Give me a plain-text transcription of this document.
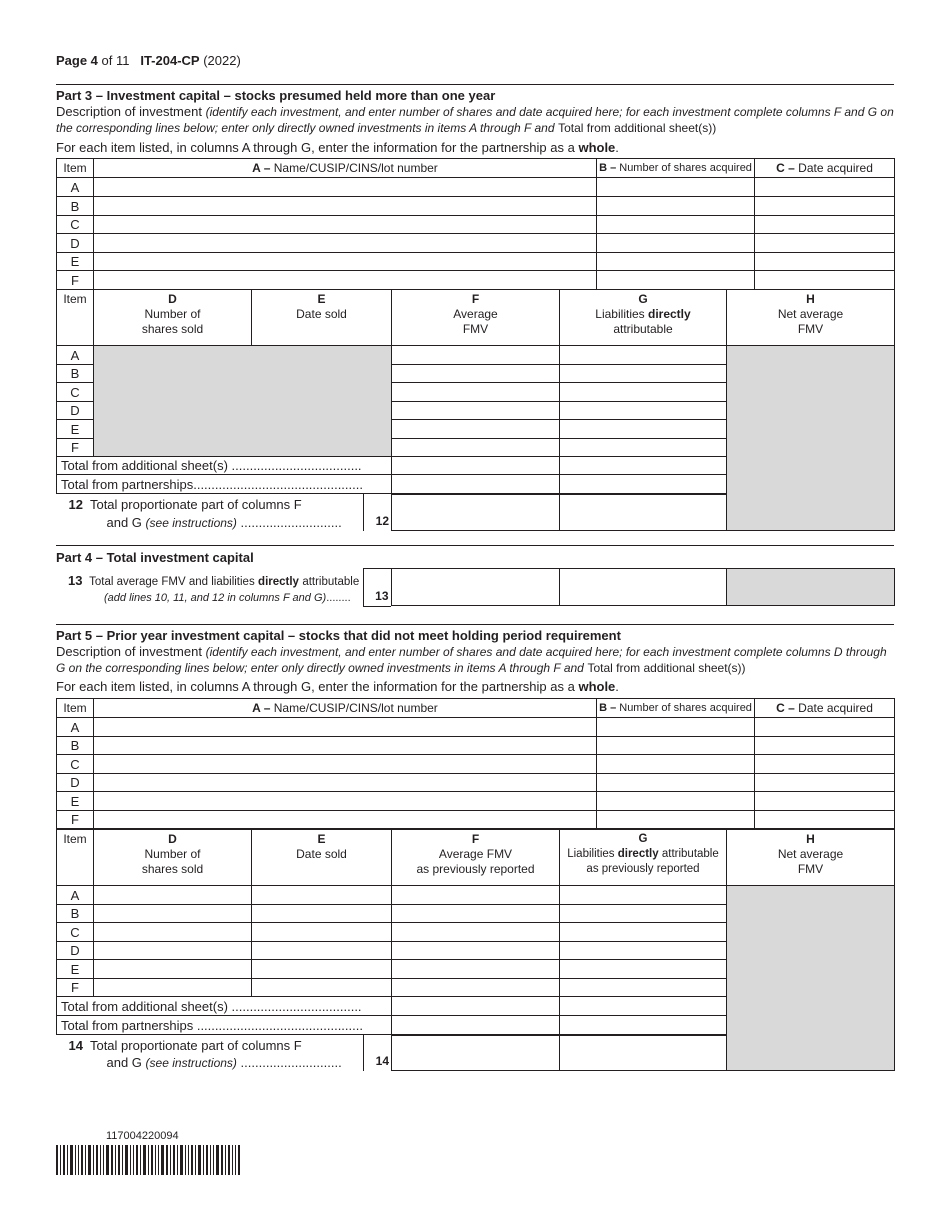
Page 4 of 11 IT-204-CP (2022)
Part 3 – Investment capital – stocks presumed held more than one year
Description of investment (identify each investment, and enter number of shares and date acquired here; for each investment complete columns F and G on the corresponding lines below; enter only directly owned investments in items A through F and Total from additional sheet(s))
For each item listed, in columns A through G, enter the information for the partnership as a whole.
Item	A – Name/CUSIP/CINS/lot number	B – Number of shares acquired	C – Date acquired
A			
B			
C			
D			
E			
F			
Item	D
Number of
shares sold	E
Date sold	F
Average
FMV	G
Liabilities directly
attributable	H
Net average
FMV
A					
B					
C					
D					
E					
F					
Total from additional sheet(s) ....................................					
Total from partnerships...............................................					

12 Total proportionate part of columns F
and G (see instructions) ............................ 12					

Part 4 – Total investment capital
13 Total average FMV and liabilities directly attributable
(add lines 10, 11, and 12 in columns F and G)........ 13

Part 5 – Prior year investment capital – stocks that did not meet holding period requirement
Description of investment (identify each investment, and enter number of shares and date acquired here; for each investment complete columns D through G on the corresponding lines below; enter only directly owned investments in items A through F and Total from additional sheet(s))
For each item listed, in columns A through G, enter the information for the partnership as a whole.
Item	A – Name/CUSIP/CINS/lot number	B – Number of shares acquired	C – Date acquired
A			
B			
C			
D			
E			
F			
Item	D
Number of
shares sold	E
Date sold	F
Average FMV
as previously reported	G
Liabilities directly attributable
as previously reported	H
Net average
FMV
A					
B					
C					
D					
E					
F					
Total from additional sheet(s) ....................................					
Total from partnerships ..............................................					

14 Total proportionate part of columns F
and G (see instructions) ............................ 14					

117004220094
